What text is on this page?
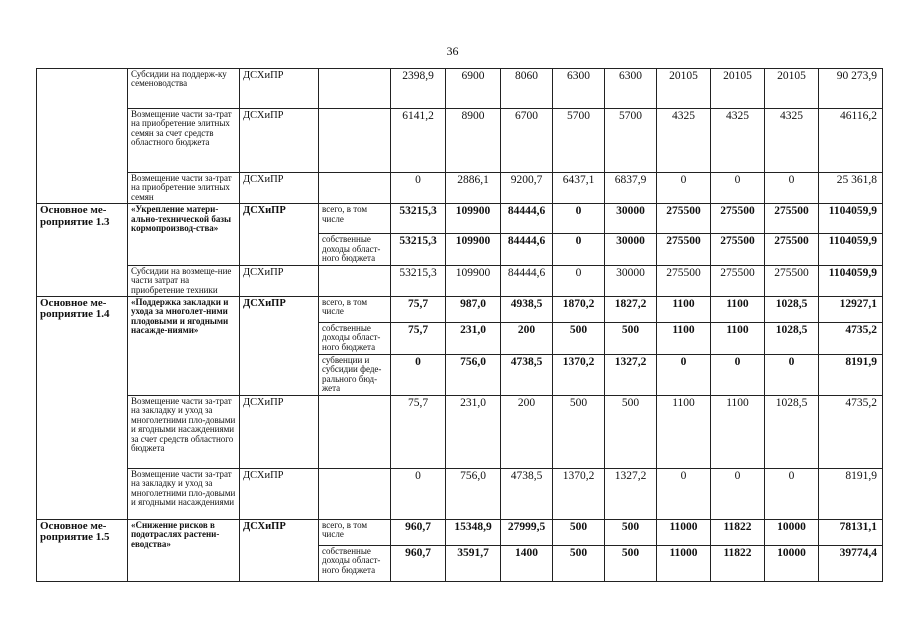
36
	Субсидии на поддерж-ку семеноводства	ДСХиПР		2398,9	6900	8060	6300	6300	20105	20105	20105	90 273,9
	Возмещение части за-трат на приобретение элитных семян за счет средств областного бюджета	ДСХиПР		6141,2	8900	6700	5700	5700	4325	4325	4325	46116,2
	Возмещение части за-трат на приобретение элитных семян	ДСХиПР		0	2886,1	9200,7	6437,1	6837,9	0	0	0	25 361,8
Основное ме-роприятие 1.3	«Укрепление матери-ально-технической базы кормопроизвод-ства»	ДСХиПР	всего, в том числе	53215,3	109900	84444,6	0	30000	275500	275500	275500	1104059,9
			собственные доходы област-ного бюджета	53215,3	109900	84444,6	0	30000	275500	275500	275500	1104059,9
	Субсидии на возмеще-ние части затрат на приобретение техники	ДСХиПР		53215,3	109900	84444,6	0	30000	275500	275500	275500	1104059,9
Основное ме-роприятие 1.4	«Поддержка закладки и ухода за многолет-ними плодовыми и ягодными насажде-ниями»	ДСХиПР	всего, в том числе	75,7	987,0	4938,5	1870,2	1827,2	1100	1100	1028,5	12927,1
			собственные доходы област-ного бюджета	75,7	231,0	200	500	500	1100	1100	1028,5	4735,2
			субвенции и субсидии феде-рального бюд-жета	0	756,0	4738,5	1370,2	1327,2	0	0	0	8191,9
	Возмещение части за-трат на закладку и уход за многолетними пло-довыми и ягодными насаждениями за счет средств областного бюджета	ДСХиПР		75,7	231,0	200	500	500	1100	1100	1028,5	4735,2
	Возмещение части за-трат на закладку и уход за многолетними пло-довыми и ягодными насаждениями	ДСХиПР		0	756,0	4738,5	1370,2	1327,2	0	0	0	8191,9
Основное ме-роприятие 1.5	«Снижение рисков в подотраслях растени-еводства»	ДСХиПР	всего, в том числе	960,7	15348,9	27999,5	500	500	11000	11822	10000	78131,1
			собственные доходы област-ного бюджета	960,7	3591,7	1400	500	500	11000	11822	10000	39774,4
